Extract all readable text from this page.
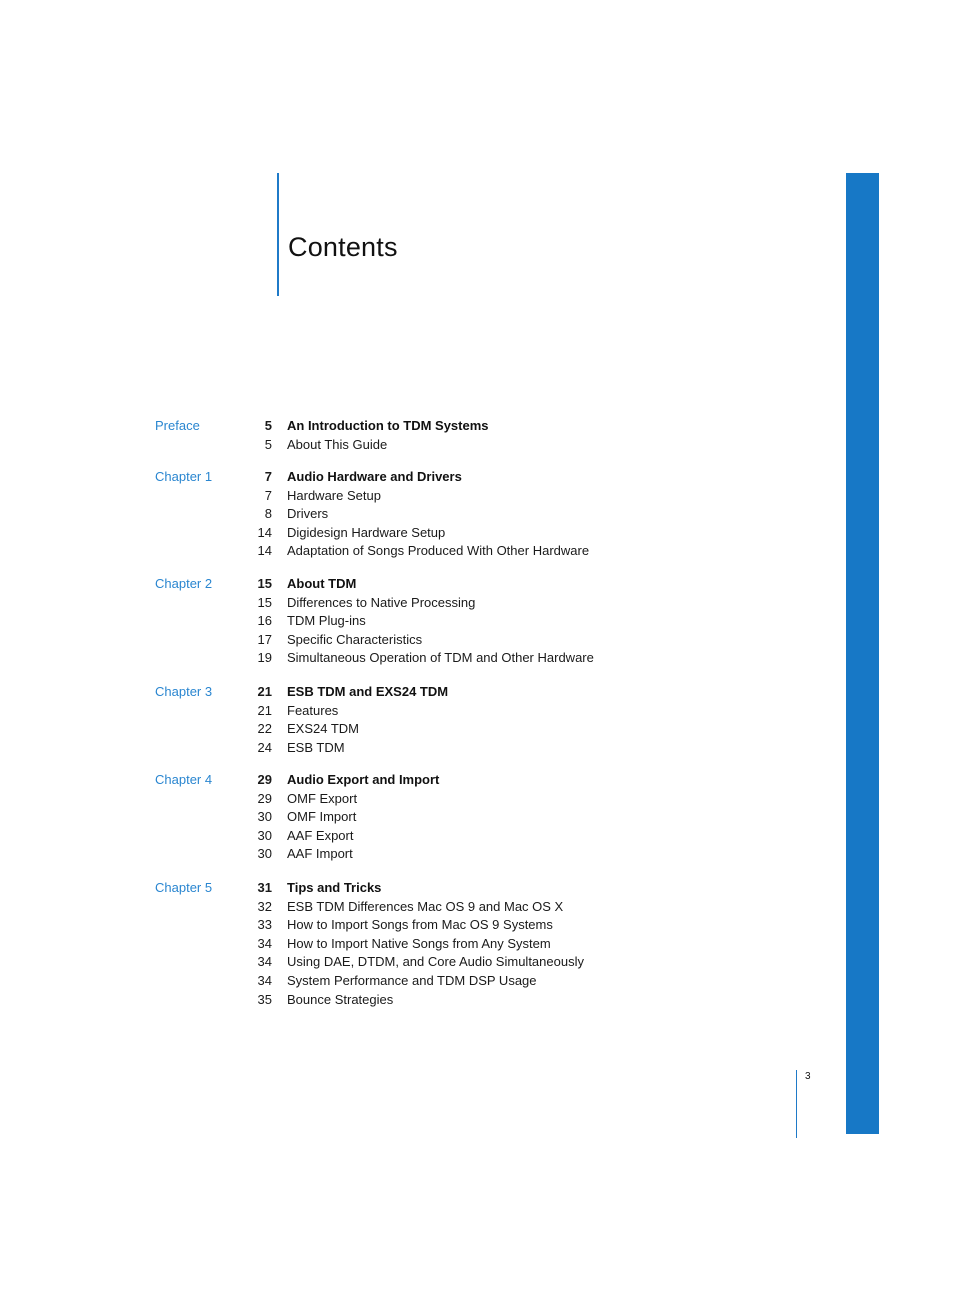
Contents
Preface	5 An Introduction to TDM Systems
5 About This Guide
Chapter 1	7 Audio Hardware and Drivers
7 Hardware Setup
8 Drivers
14 Digidesign Hardware Setup
14 Adaptation of Songs Produced With Other Hardware
Chapter 2	15 About TDM
15 Differences to Native Processing
16 TDM Plug-ins
17 Specific Characteristics
19 Simultaneous Operation of TDM and Other Hardware
Chapter 3	21 ESB TDM and EXS24 TDM
21 Features
22 EXS24 TDM
24 ESB TDM
Chapter 4	29 Audio Export and Import
29 OMF Export
30 OMF Import
30 AAF Export
30 AAF Import
Chapter 5	31 Tips and Tricks
32 ESB TDM Differences Mac OS 9 and Mac OS X
33 How to Import Songs from Mac OS 9 Systems
34 How to Import Native Songs from Any System
34 Using DAE, DTDM, and Core Audio Simultaneously
34 System Performance and TDM DSP Usage
35 Bounce Strategies
3
